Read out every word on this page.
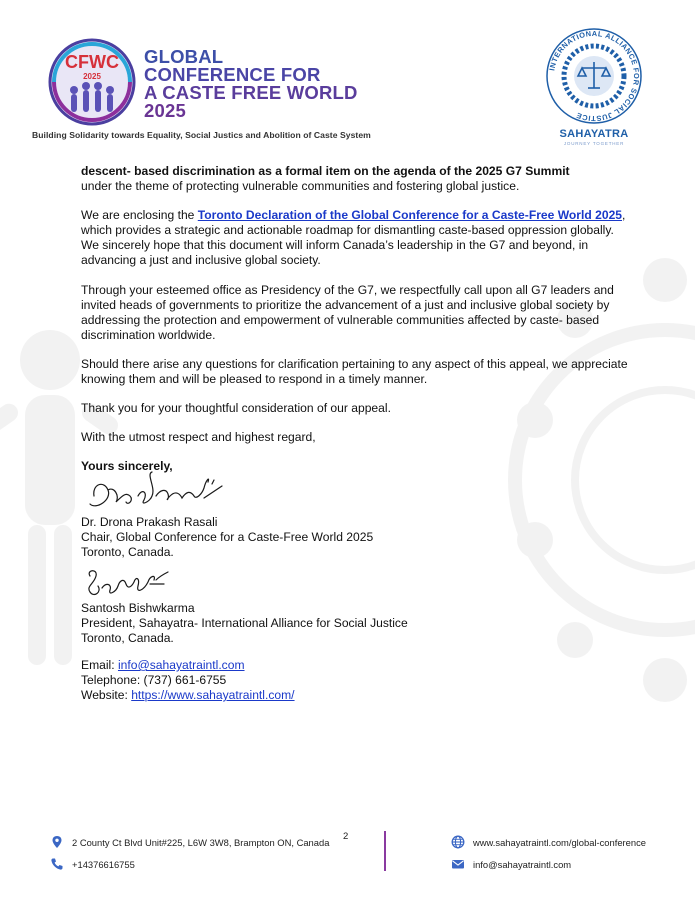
CFWC
2025
GLOBAL
CONFERENCE FOR
A CASTE FREE WORLD
2025
Building Solidarity towards Equality, Social Justics and Abolition of Caste System
INTERNATIONAL ALLIANCE FOR SOCIAL JUSTICE
SAHAYATRA
JOURNEY TOGETHER

descent- based discrimination as a formal item on the agenda of the 2025 G7 Summit
under the theme of protecting vulnerable communities and fostering global justice.

We are enclosing the Toronto Declaration of the Global Conference for a Caste-Free World 2025, which provides a strategic and actionable roadmap for dismantling caste-based oppression globally. We sincerely hope that this document will inform Canada’s leadership in the G7 and beyond, in advancing a just and inclusive global society.

Through your esteemed office as Presidency of the G7, we respectfully call upon all G7 leaders and invited heads of governments to prioritize the advancement of a just and inclusive global society by addressing the protection and empowerment of vulnerable communities affected by caste- based discrimination worldwide.

Should there arise any questions for clarification pertaining to any aspect of this appeal, we appreciate knowing them and will be pleased to respond in a timely manner.

Thank you for your thoughtful consideration of our appeal.

With the utmost respect and highest regard,

Yours sincerely,

Dr. Drona Prakash Rasali
Chair, Global Conference for a Caste-Free World 2025
Toronto, Canada.
Santosh Bishwkarma
President, Sahayatra- International Alliance for Social Justice
Toronto, Canada.
Email: info@sahayatraintl.com
Telephone: (737) 661-6755
Website: https://www.sahayatraintl.com/
2 County Ct Blvd Unit#225, L6W 3W8, Brampton ON, Canada
+14376616755
2	www.sahayatraintl.com/global-conference
info@sahayatraintl.com
